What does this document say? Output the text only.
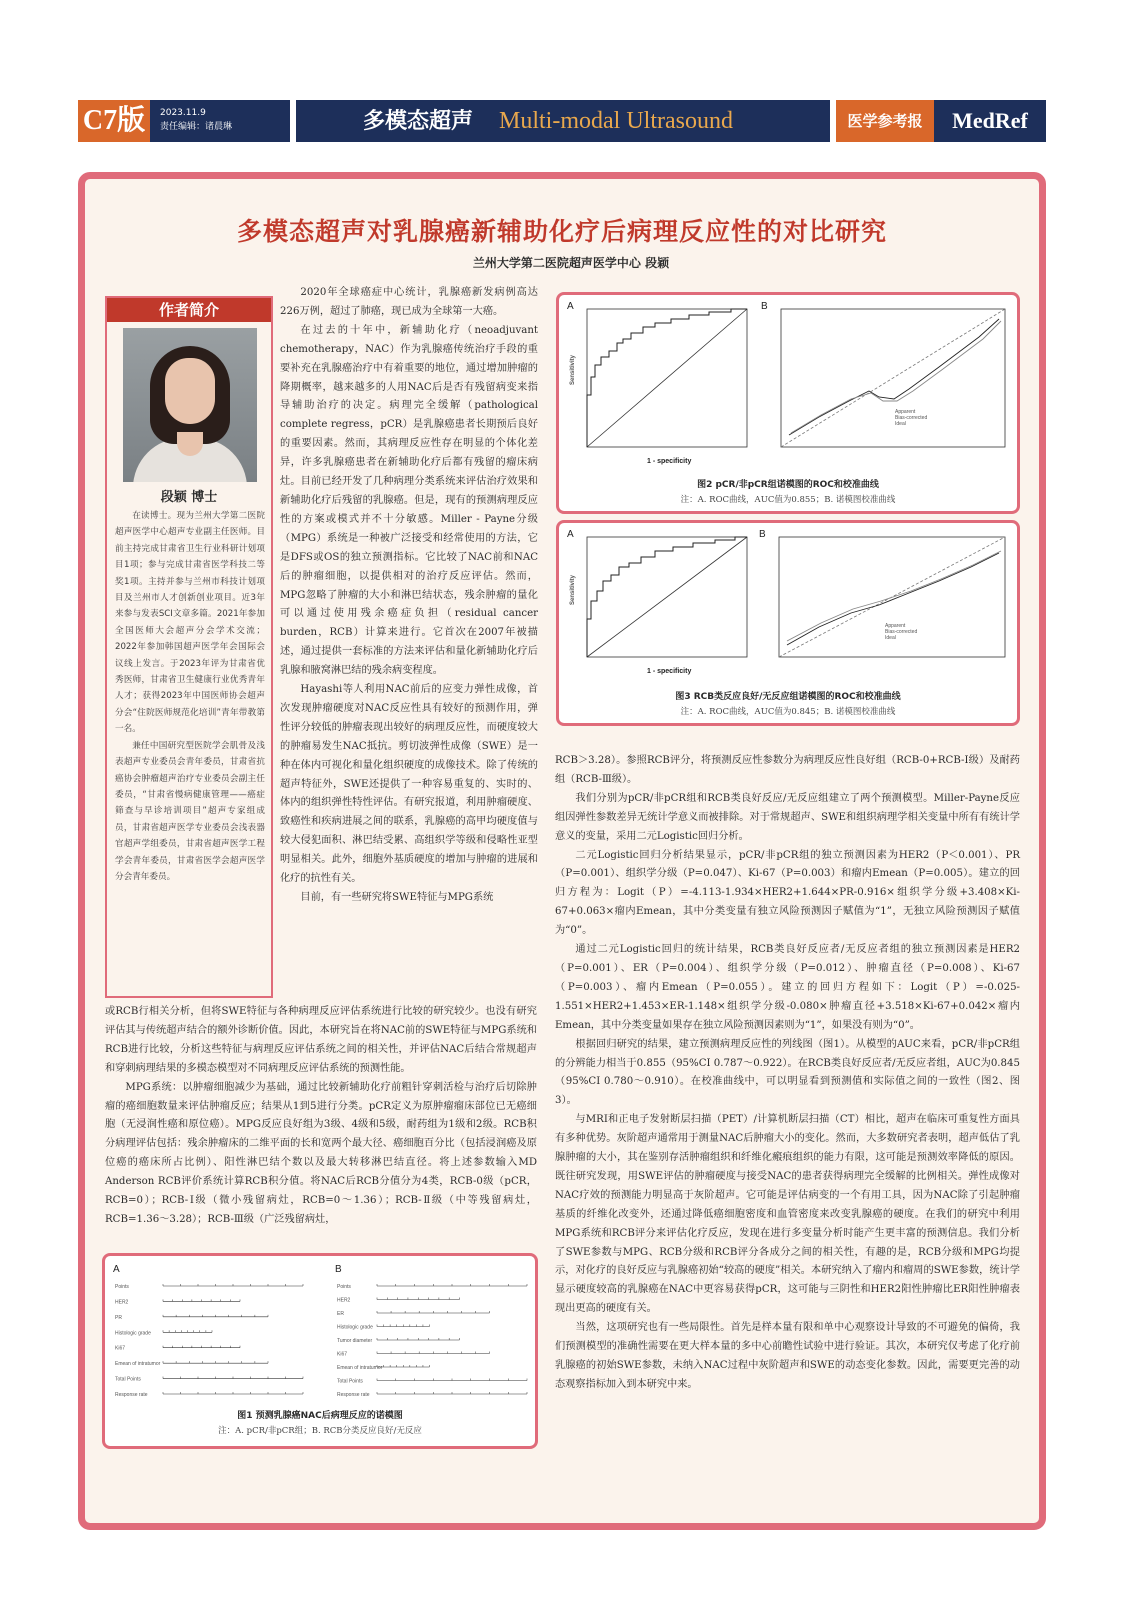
C7版	2023.11.9
责任编辑：诸晨琳	多模态超声 Multi-modal Ultrasound	医学参考报	MedRef
多模态超声对乳腺癌新辅助化疗后病理反应性的对比研究
兰州大学第二医院超声医学中心 段颖
作者简介
段颖 博士

在读博士。现为兰州大学第二医院超声医学中心超声专业副主任医师。目前主持完成甘肃省卫生行业科研计划项目1项；参与完成甘肃省医学科技二等奖1项。主持并参与兰州市科技计划项目及兰州市人才创新创业项目。近3年来参与发表SCI文章多篇。2021年参加全国医师大会超声分会学术交流；2022年参加韩国超声医学年会国际会议线上发言。于2023年评为甘肃省优秀医师，甘肃省卫生健康行业优秀青年人才；获得2023年中国医师协会超声分会“住院医师规范化培训”青年带教第一名。

兼任中国研究型医院学会肌骨及浅表超声专业委员会青年委员，甘肃省抗癌协会肿瘤超声治疗专业委员会副主任委员，“甘肃省慢病健康管理——癌症筛查与早诊培训项目”超声专家组成员，甘肃省超声医学专业委员会浅表器官超声学组委员，甘肃省超声医学工程学会青年委员，甘肃省医学会超声医学分会青年委员。

2020年全球癌症中心统计，乳腺癌新发病例高达226万例，超过了肺癌，现已成为全球第一大癌。

在过去的十年中，新辅助化疗（neoadjuvant chemotherapy，NAC）作为乳腺癌传统治疗手段的重要补充在乳腺癌治疗中有着重要的地位，通过增加肿瘤的降期概率，越来越多的人用NAC后是否有残留病变来指导辅助治疗的决定。病理完全缓解（pathological complete regress，pCR）是乳腺癌患者长期预后良好的重要因素。然而，其病理反应性存在明显的个体化差异，许多乳腺癌患者在新辅助化疗后都有残留的瘤床病灶。目前已经开发了几种病理分类系统来评估治疗效果和新辅助化疗后残留的乳腺癌。但是，现有的预测病理反应性的方案或模式并不十分敏感。Miller - Payne分级（MPG）系统是一种被广泛接受和经常使用的方法，它是DFS或OS的独立预测指标。它比较了NAC前和NAC后的肿瘤细胞，以提供相对的治疗反应评估。然而，MPG忽略了肿瘤的大小和淋巴结状态，残余肿瘤的量化可以通过使用残余癌症负担（residual cancer burden，RCB）计算来进行。它首次在2007年被描述，通过提供一套标准的方法来评估和量化新辅助化疗后乳腺和腋窝淋巴结的残余病变程度。

Hayashi等人利用NAC前后的应变力弹性成像，首次发现肿瘤硬度对NAC反应性具有较好的预测作用，弹性评分较低的肿瘤表现出较好的病理反应性，而硬度较大的肿瘤易发生NAC抵抗。剪切波弹性成像（SWE）是一种在体内可视化和量化组织硬度的成像技术。除了传统的超声特征外，SWE还提供了一种容易重复的、实时的、体内的组织弹性特性评估。有研究报道，利用肿瘤硬度、致癌性和疾病进展之间的联系，乳腺癌的高甲均硬度值与较大侵犯面积、淋巴结受累、高组织学等级和侵略性亚型明显相关。此外，细胞外基质硬度的增加与肿瘤的进展和化疗的抗性有关。

目前，有一些研究将SWE特征与MPG系统

或RCB行相关分析，但将SWE特征与各种病理反应评估系统进行比较的研究较少。也没有研究评估其与传统超声结合的额外诊断价值。因此，本研究旨在将NAC前的SWE特征与MPG系统和RCB进行比较，分析这些特征与病理反应评估系统之间的相关性，并评估NAC后结合常规超声和穿刺病理结果的多模态模型对不同病理反应评估系统的预测性能。

MPG系统：以肿瘤细胞减少为基础，通过比较新辅助化疗前粗针穿刺活检与治疗后切除肿瘤的癌细胞数量来评估肿瘤反应；结果从1到5进行分类。pCR定义为原肿瘤瘤床部位已无癌细胞（无浸润性癌和原位癌）。MPG反应良好组为3级、4级和5级，耐药组为1级和2级。RCB积分病理评估包括：残余肿瘤床的二维平面的长和宽两个最大径、癌细胞百分比（包括浸润癌及原位癌的癌床所占比例）、阳性淋巴结个数以及最大转移淋巴结直径。将上述参数输入MD Anderson RCB评价系统计算RCB积分值。将NAC后RCB分值分为4类，RCB-0级（pCR，RCB=0）；RCB-Ⅰ级（微小残留病灶，RCB=0～1.36）；RCB-Ⅱ级（中等残留病灶，RCB=1.36～3.28）；RCB-Ⅲ级（广泛残留病灶，

RCB＞3.28）。参照RCB评分，将预测反应性参数分为病理反应性良好组（RCB-0+RCB-Ⅰ级）及耐药组（RCB-Ⅲ级）。

我们分别为pCR/非pCR组和RCB类良好反应/无反应组建立了两个预测模型。Miller-Payne反应组因弹性参数差异无统计学意义而被排除。对于常规超声、SWE和组织病理学相关变量中所有有统计学意义的变量，采用二元Logistic回归分析。

二元Logistic回归分析结果显示，pCR/非pCR组的独立预测因素为HER2（P＜0.001）、PR（P=0.001）、组织学分级（P=0.047）、Ki-67（P=0.003）和瘤内Emean（P=0.005）。建立的回归方程为：Logit（P）=-4.113-1.934×HER2+1.644×PR-0.916×组织学分级+3.408×Ki-67+0.063×瘤内Emean，其中分类变量有独立风险预测因子赋值为“1”，无独立风险预测因子赋值为“0”。

通过二元Logistic回归的统计结果，RCB类良好反应者/无反应者组的独立预测因素是HER2（P=0.001）、ER（P=0.004）、组织学分级（P=0.012）、肿瘤直径（P=0.008）、Ki-67（P=0.003）、瘤内Emean（P=0.055）。建立的回归方程如下：Logit（P）=-0.025-1.551×HER2+1.453×ER-1.148×组织学分级-0.080×肿瘤直径+3.518×Ki-67+0.042×瘤内Emean，其中分类变量如果存在独立风险预测因素则为“1”，如果没有则为“0”。

根据回归研究的结果，建立预测病理反应性的列线图（图1）。从模型的AUC来看，pCR/非pCR组的分辨能力相当于0.855（95%CI 0.787～0.922）。在RCB类良好反应者/无反应者组，AUC为0.845（95%CI 0.780～0.910）。在校准曲线中，可以明显看到预测值和实际值之间的一致性（图2、图3）。

与MRI和正电子发射断层扫描（PET）/计算机断层扫描（CT）相比，超声在临床可重复性方面具有多种优势。灰阶超声通常用于测量NAC后肿瘤大小的变化。然而，大多数研究者表明，超声低估了乳腺肿瘤的大小，其在鉴别存活肿瘤组织和纤维化瘢痕组织的能力有限，这可能是预测效率降低的原因。既往研究发现，用SWE评估的肿瘤硬度与接受NAC的患者获得病理完全缓解的比例相关。弹性成像对NAC疗效的预测能力明显高于灰阶超声。它可能是评估病变的一个有用工具，因为NAC除了引起肿瘤基质的纤维化改变外，还通过降低癌细胞密度和血管密度来改变乳腺癌的硬度。在我们的研究中利用MPG系统和RCB评分来评估化疗反应，发现在进行多变量分析时能产生更丰富的预测信息。我们分析了SWE参数与MPG、RCB分级和RCB评分各成分之间的相关性，有趣的是，RCB分级和MPG均提示，对化疗的良好反应与乳腺癌初始“较高的硬度”相关。本研究纳入了瘤内和瘤周的SWE参数，统计学显示硬度较高的乳腺癌在NAC中更容易获得pCR，这可能与三阴性和HER2阳性肿瘤比ER阳性肿瘤表现出更高的硬度有关。

当然，这项研究也有一些局限性。首先是样本量有限和单中心观察设计导致的不可避免的偏倚，我们预测模型的准确性需要在更大样本量的多中心前瞻性试验中进行验证。其次，本研究仅考虑了化疗前乳腺癌的初始SWE参数，未纳入NAC过程中灰阶超声和SWE的动态变化参数。因此，需要更完善的动态观察指标加入到本研究中来。

A
Sensitivity
1 - specificity
B
Apparent
Bias-corrected
Ideal
图2 pCR/非pCR组诺模图的ROC和校准曲线
注：A. ROC曲线，AUC值为0.855；B. 诺模图校准曲线
A
Sensitivity
1 - specificity
B
Apparent
Bias-corrected
Ideal
图3 RCB类反应良好/无反应组诺模图的ROC和校准曲线
注：A. ROC曲线，AUC值为0.845；B. 诺模图校准曲线
A
Points
HER2
PR
Histologic grade
Ki67
Emean of intratumor
Total Points
Response rate
B
Points
HER2
ER
Histologic grade
Tumor diameter
Ki67
Emean of intratumor
Total Points
Response rate
图1 预测乳腺癌NAC后病理反应的诺模图
注：A. pCR/非pCR组；B. RCB分类反应良好/无反应
